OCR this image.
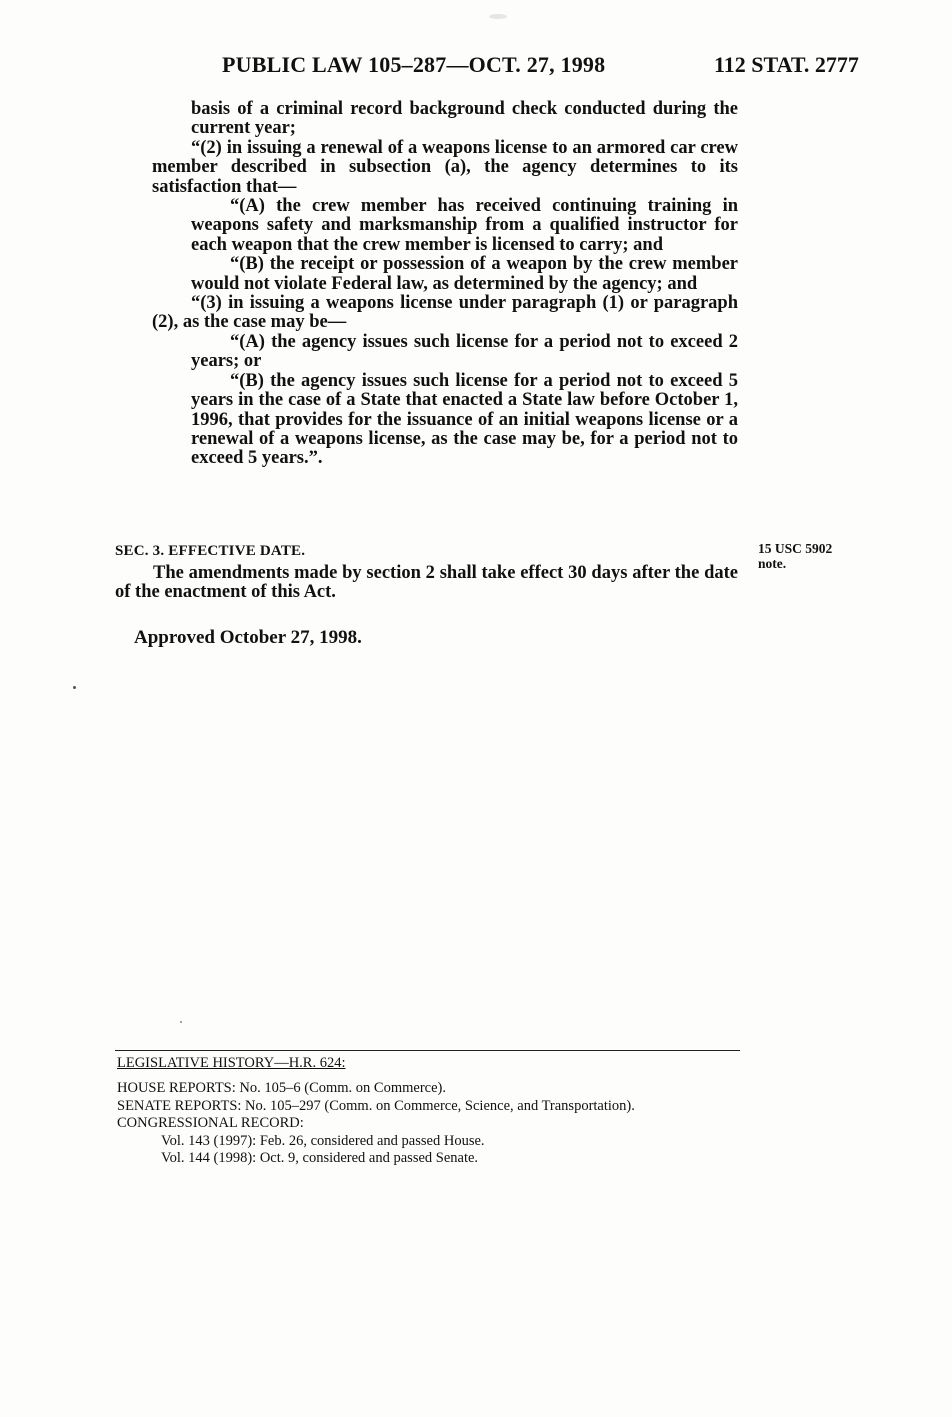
PUBLIC LAW 105–287—OCT. 27, 1998	112 STAT. 2777

basis of a criminal record background check conducted during the current year;

“(2) in issuing a renewal of a weapons license to an armored car crew member described in subsection (a), the agency determines to its satisfaction that—

“(A) the crew member has received continuing training in weapons safety and marksmanship from a qualified instructor for each weapon that the crew member is licensed to carry; and

“(B) the receipt or possession of a weapon by the crew member would not violate Federal law, as determined by the agency; and

“(3) in issuing a weapons license under paragraph (1) or paragraph (2), as the case may be—

“(A) the agency issues such license for a period not to exceed 2 years; or

“(B) the agency issues such license for a period not to exceed 5 years in the case of a State that enacted a State law before October 1, 1996, that provides for the issuance of an initial weapons license or a renewal of a weapons license, as the case may be, for a period not to exceed 5 years.”.

SEC. 3. EFFECTIVE DATE.

The amendments made by section 2 shall take effect 30 days after the date of the enactment of this Act.

15 USC 5902
note.
Approved October 27, 1998.
LEGISLATIVE HISTORY—H.R. 624:

HOUSE REPORTS: No. 105–6 (Comm. on Commerce).

SENATE REPORTS: No. 105–297 (Comm. on Commerce, Science, and Transportation).

CONGRESSIONAL RECORD:

Vol. 143 (1997): Feb. 26, considered and passed House.

Vol. 144 (1998): Oct. 9, considered and passed Senate.
